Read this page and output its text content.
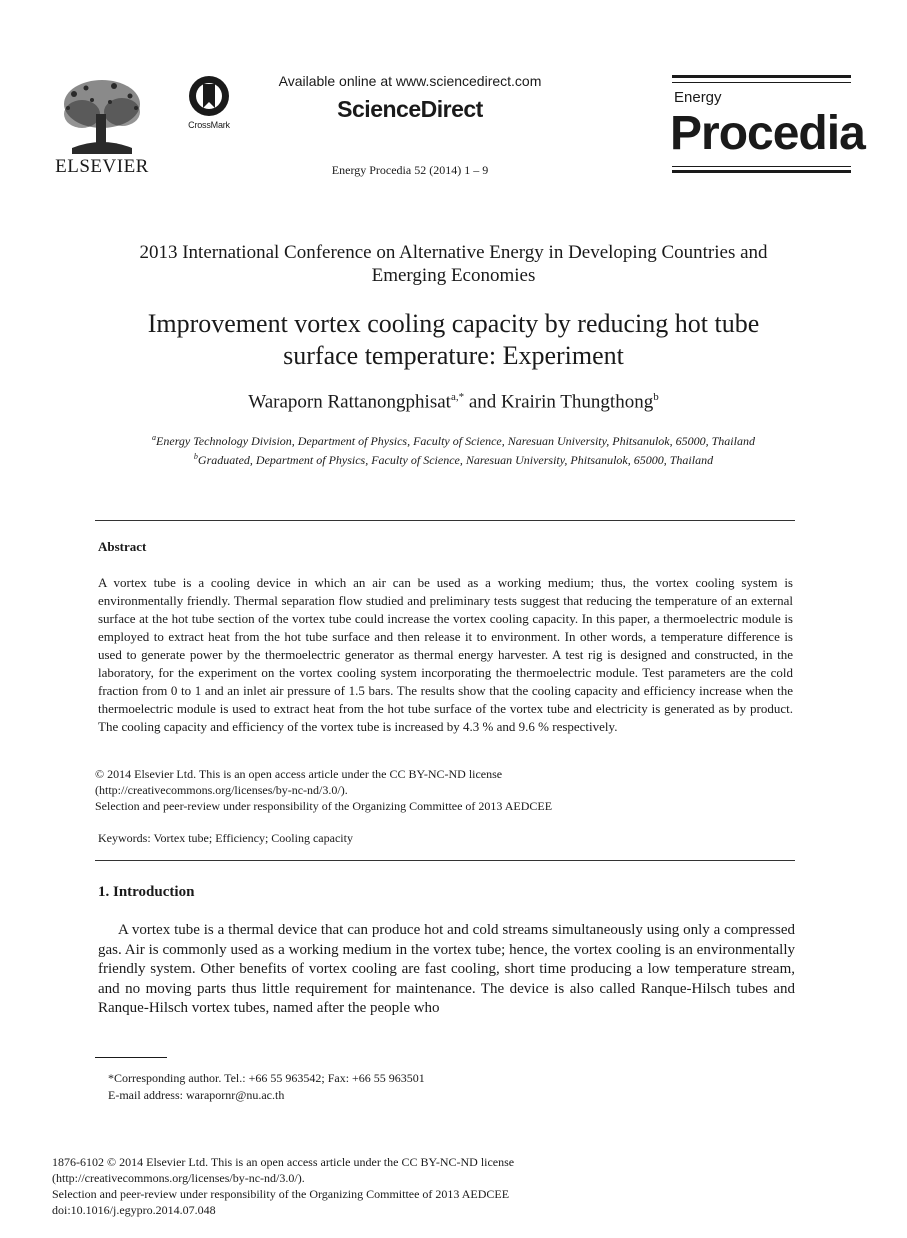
ELSEVIER
CrossMark
Available online at www.sciencedirect.com
ScienceDirect
Energy Procedia 52 (2014) 1 – 9
Energy
Procedia
2013 International Conference on Alternative Energy in Developing Countries and
Emerging Economies
Improvement vortex cooling capacity by reducing hot tube
surface temperature: Experiment
Waraporn Rattanongphisat$^{a,*}$ and Krairin Thungthong$^b$
$^a$Energy Technology Division, Department of Physics, Faculty of Science, Naresuan University, Phitsanulok, 65000, Thailand
$^b$Graduated, Department of Physics, Faculty of Science, Naresuan University, Phitsanulok, 65000, Thailand
Abstract
A vortex tube is a cooling device in which an air can be used as a working medium; thus, the vortex cooling system is environmentally friendly. Thermal separation flow studied and preliminary tests suggest that reducing the temperature of an external surface at the hot tube section of the vortex tube could increase the vortex cooling capacity. In this paper, a thermoelectric module is employed to extract heat from the hot tube surface and then release it to environment. In other words, a temperature difference is used to generate power by the thermoelectric generator as thermal energy harvester. A test rig is designed and constructed, in the laboratory, for the experiment on the vortex cooling system incorporating the thermoelectric module. Test parameters are the cold fraction from 0 to 1 and an inlet air pressure of 1.5 bars. The results show that the cooling capacity and efficiency increase when the thermoelectric module is used to extract heat from the hot tube surface of the vortex tube and electricity is generated as by product. The cooling capacity and efficiency of the vortex tube is increased by 4.3 % and 9.6 % respectively.
© 2014 Elsevier Ltd. This is an open access article under the CC BY-NC-ND license
(http://creativecommons.org/licenses/by-nc-nd/3.0/).
Selection and peer-review under responsibility of the Organizing Committee of 2013 AEDCEE
Keywords: Vortex tube; Efficiency; Cooling capacity
1. Introduction
A vortex tube is a thermal device that can produce hot and cold streams simultaneously using only a compressed gas. Air is commonly used as a working medium in the vortex tube; hence, the vortex cooling is an environmentally friendly system. Other benefits of vortex cooling are fast cooling, short time producing a low temperature stream, and no moving parts thus little requirement for maintenance. The device is also called Ranque-Hilsch tubes and Ranque-Hilsch vortex tubes, named after the people who
*Corresponding author. Tel.: +66 55 963542; Fax: +66 55 963501
E-mail address: warapornr@nu.ac.th
1876-6102 © 2014 Elsevier Ltd. This is an open access article under the CC BY-NC-ND license
(http://creativecommons.org/licenses/by-nc-nd/3.0/).
Selection and peer-review under responsibility of the Organizing Committee of 2013 AEDCEE
doi:10.1016/j.egypro.2014.07.048
